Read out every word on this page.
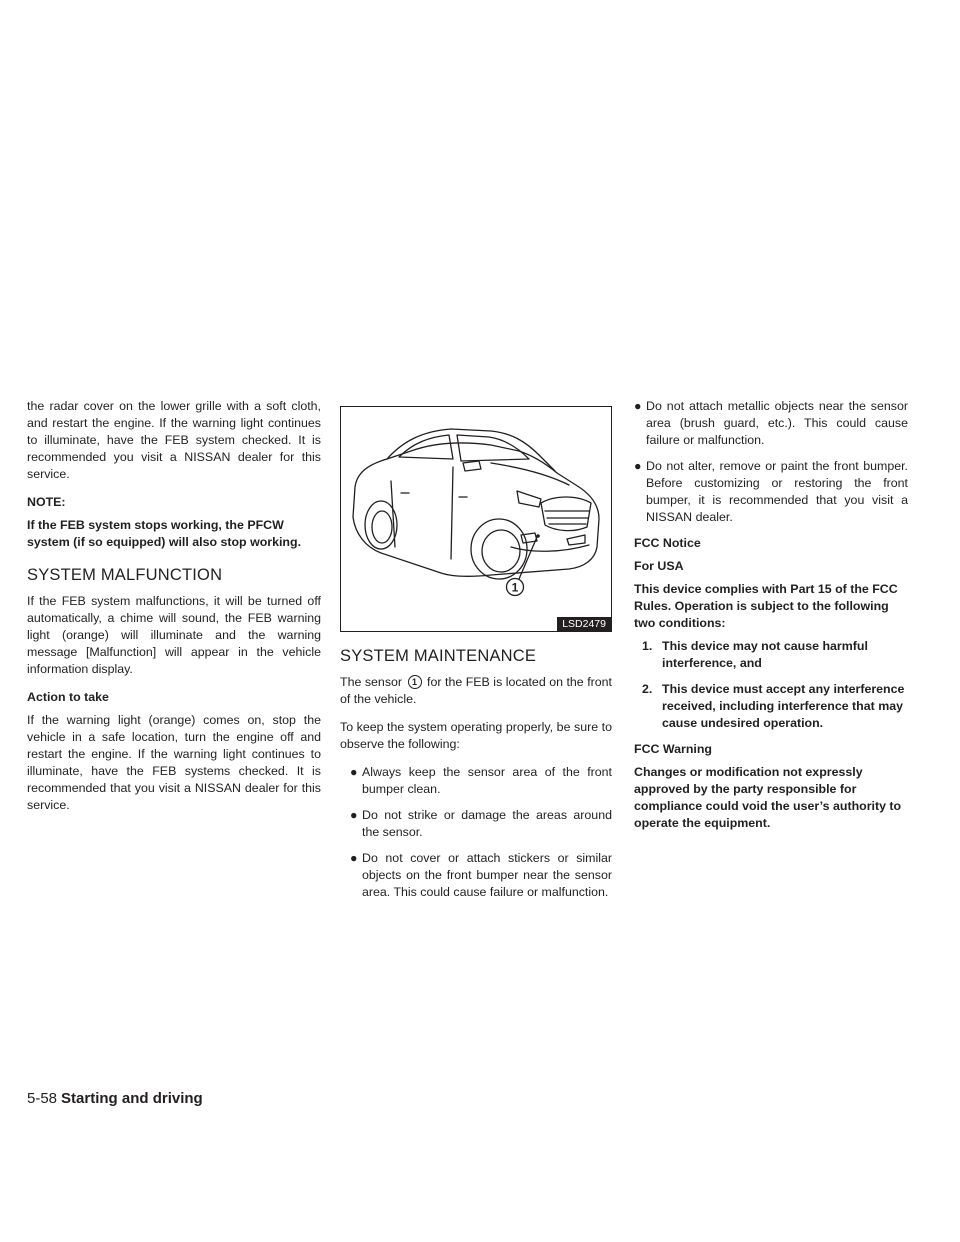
the radar cover on the lower grille with a soft cloth, and restart the engine. If the warning light continues to illuminate, have the FEB system checked. It is recommended you visit a NISSAN dealer for this service.

NOTE:

If the FEB system stops working, the PFCW system (if so equipped) will also stop working.

SYSTEM MALFUNCTION

If the FEB system malfunctions, it will be turned off automatically, a chime will sound, the FEB warning light (orange) will illuminate and the warning message [Malfunction] will appear in the vehicle information display.

Action to take

If the warning light (orange) comes on, stop the vehicle in a safe location, turn the engine off and restart the engine. If the warning light continues to illuminate, have the FEB systems checked. It is recommended that you visit a NISSAN dealer for this service.

1
LSD2479
SYSTEM MAINTENANCE

The sensor 1 for the FEB is located on the front of the vehicle.

To keep the system operating properly, be sure to observe the following:

● Always keep the sensor area of the front bumper clean.
● Do not strike or damage the areas around the sensor.
● Do not cover or attach stickers or similar objects on the front bumper near the sensor area. This could cause failure or malfunction.
● Do not attach metallic objects near the sensor area (brush guard, etc.). This could cause failure or malfunction.
● Do not alter, remove or paint the front bumper. Before customizing or restoring the front bumper, it is recommended that you visit a NISSAN dealer.

FCC Notice

For USA

This device complies with Part 15 of the FCC Rules. Operation is subject to the following two conditions:

1. This device may not cause harmful interference, and
2. This device must accept any interference received, including interference that may cause undesired operation.

FCC Warning

Changes or modification not expressly approved by the party responsible for compliance could void the user’s authority to operate the equipment.

5-58 Starting and driving
